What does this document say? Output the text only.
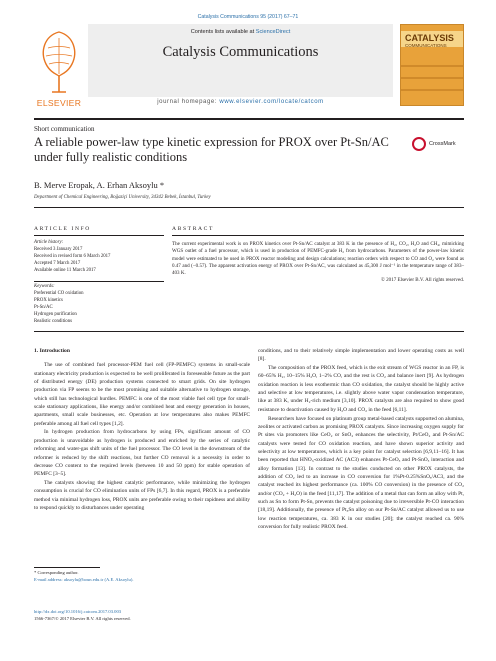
Catalysis Communications 95 (2017) 67–71
ELSEVIER
Contents lists available at ScienceDirect
Catalysis Communications
journal homepage: www.elsevier.com/locate/catcom
CATALYSIS
COMMUNICATIONS
Short communication
A reliable power-law type kinetic expression for PROX over Pt-Sn/AC under fully realistic conditions
CrossMark
B. Merve Eropak, A. Erhan Aksoylu *
Department of Chemical Engineering, Boğaziçi University, 34342 Bebek, İstanbul, Turkey
ARTICLE INFO	ABSTRACT
Article history:
Received 3 January 2017
Received in revised form 6 March 2017
Accepted 7 March 2017
Available online 11 March 2017
Keywords:
Preferential CO oxidation
PROX kinetics
Pt-Sn/AC
Hydrogen purification
Realistic conditions
The current experimental work is on PROX kinetics over Pt-Sn/AC catalyst at 383 K in the presence of H₂, CO₂, H₂O and CH₄, mimicking WGS outlet of a fuel processor, which is used in production of PEMFC-grade H₂ from hydrocarbons. Parameters of the power-law kinetic model were estimated to be used in PROX reactor modeling and design calculations; reaction orders with respect to CO and O₂ were found as 0.47 and (−0.57). The apparent activation energy of PROX over Pt-Sn/AC, was calculated as 45,300 J mol⁻¹ in the temperature range of 383–403 K.
© 2017 Elsevier B.V. All rights reserved.
1. Introduction

The use of combined fuel processor-PEM fuel cell (FP-PEMFC) systems in small-scale stationary electricity production is expected to be well proliferated in foreseeable future as the part of distributed energy (DE) production systems connected to smart grids. On site hydrogen production via FP seems to be the most promising and suitable alternative to hydrogen storage, which still has technological hurdles. PEMFC is one of the most viable fuel cell type for small-scale stationary applications, like energy and/or combined heat and energy generation in houses, apartments, small scale businesses, etc. Operation at low temperatures also makes PEMFC preferable among all fuel cell types [1,2].

In hydrogen production from hydrocarbons by using FPs, significant amount of CO production is unavoidable as hydrogen is produced and enriched by the series of catalytic reforming and water-gas shift units of the fuel processor. The CO level in the downstream of the reformer is reduced by the shift reactions, but further CO removal is a necessity in order to decrease CO content to the required levels (between 10 and 50 ppm) for stable operation of PEMFC [3–5].

The catalysts showing the highest catalytic performance, while minimizing the hydrogen consumption is crucial for CO elimination units of FPs [6,7]. In this regard, PROX is a preferable method via minimal hydrogen loss, PROX units are preferable owing to their rapidness and ability to respond quickly to disturbances under operating

conditions, and to their relatively simple implementation and lower operating costs as well [8].

The composition of the PROX feed, which is the exit stream of WGS reactor in an FP, is 60–65% H₂, 10–15% H₂O, 1–2% CO, and the rest is CO₂ and balance inert [9]. As hydrogen oxidation reaction is less exothermic than CO oxidation, the catalyst should be highly active and selective at low temperatures, i.e. slightly above water vapor condensation temperature, like at 383 K, under H₂-rich medium [3,10]. PROX catalysts are also required to show good resistance to deactivation caused by H₂O and CO₂ in the feed [6,11].

Researchers have focused on platinum group metal-based catalysts supported on alumina, zeolites or activated carbon as promising PROX catalysts. Since increasing oxygen supply for Pt sites via promoters like CeO₂ or SnO₂ enhances the selectivity, Pt/CeO₂ and Pt-Sn/AC catalysts were tested for CO oxidation reaction, and have shown superior activity and selectivity at low temperatures, which is a key point for catalyst selection [6,9,11–16]. It has been reported that HNO₃-oxidized AC (AC3) enhances Pt-CeOₓ and Pt-SnOₓ interaction and alloy formation [13]. In contrast to the studies conducted on other PROX catalysts, the addition of CO₂ led to an increase in CO conversion for 1%Pt-0.25%SnOₓ/AC3, and the catalyst reached its highest performance (ca. 100% CO conversion) in the presence of CO₂ and/or (CO₂ + H₂O) in the feed [11,17]. The addition of a metal that can form an alloy with Pt, such as Sn to form Pt-Sn, prevents the catalyst poisoning due to irreversible Pt-CO interaction [18,19]. Additionally, the presence of Pt₃Sn alloy on our Pt-Sn/AC catalyst allowed us to use low reaction temperatures, ca. 383 K in our studies [20]; the catalyst reached ca. 90% conversion for fully realistic PROX feed.

* Corresponding author.
E-mail address: aksoylu@boun.edu.tr (A.E. Aksoylu).
http://dx.doi.org/10.1016/j.catcom.2017.03.003
1566-7367/© 2017 Elsevier B.V. All rights reserved.
